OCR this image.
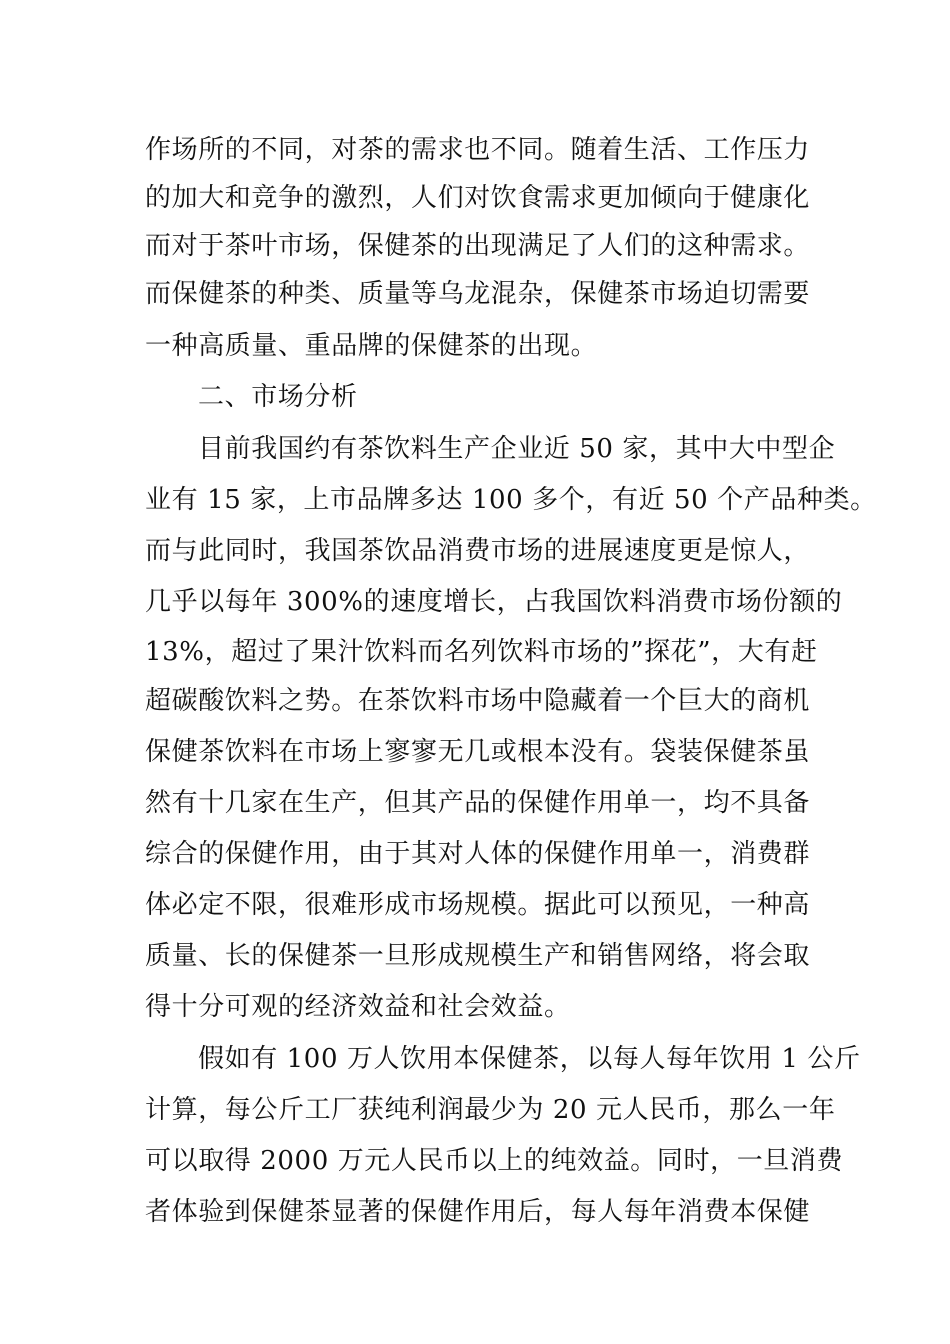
作场所的不同，对茶的需求也不同。随着生活、工作压力
的加大和竞争的激烈，人们对饮食需求更加倾向于健康化
而对于茶叶市场，保健茶的出现满足了人们的这种需求。
而保健茶的种类、质量等乌龙混杂，保健茶市场迫切需要
一种高质量、重品牌的保健茶的出现。
二、市场分析
目前我国约有茶饮料生产企业近 50 家，其中大中型企
业有 15 家，上市品牌多达 100 多个，有近 50 个产品种类。
而与此同时，我国茶饮品消费市场的进展速度更是惊人，
几乎以每年 300%的速度增长，占我国饮料消费市场份额的
13%，超过了果汁饮料而名列饮料市场的”探花”，大有赶
超碳酸饮料之势。在茶饮料市场中隐藏着一个巨大的商机
保健茶饮料在市场上寥寥无几或根本没有。袋装保健茶虽
然有十几家在生产，但其产品的保健作用单一，均不具备
综合的保健作用，由于其对人体的保健作用单一，消费群
体必定不限，很难形成市场规模。据此可以预见，一种高
质量、长的保健茶一旦形成规模生产和销售网络，将会取
得十分可观的经济效益和社会效益。
假如有 100 万人饮用本保健茶，以每人每年饮用 1 公斤
计算，每公斤工厂获纯利润最少为 20 元人民币，那么一年
可以取得 2000 万元人民币以上的纯效益。同时，一旦消费
者体验到保健茶显著的保健作用后，每人每年消费本保健
